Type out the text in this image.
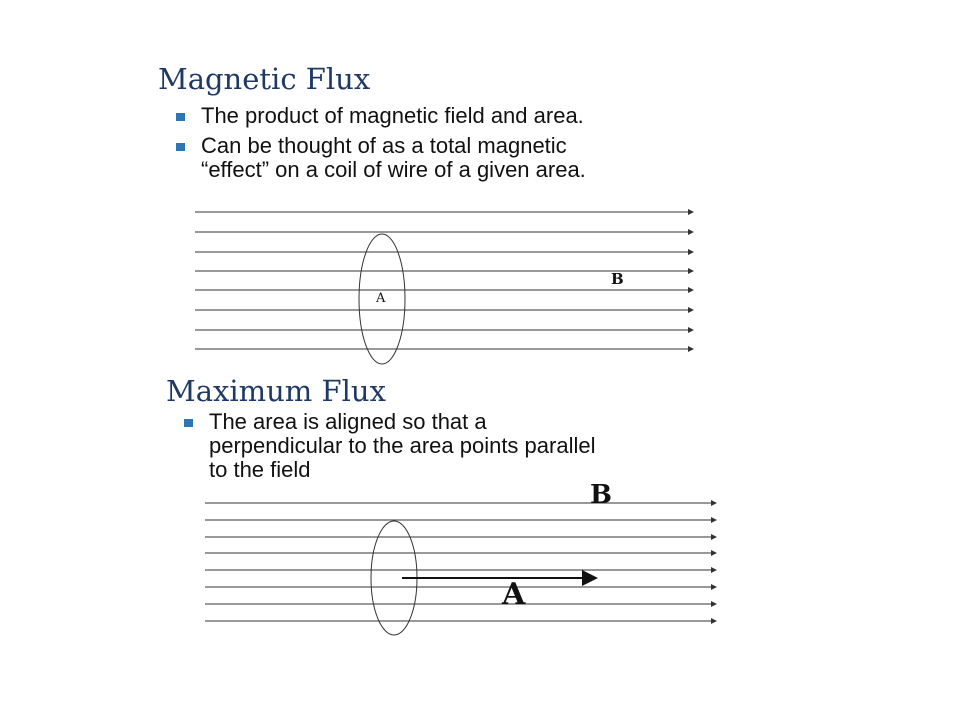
Magnetic Flux
The product of magnetic field and area.
Can be thought of as a total magnetic
“effect” on a coil of wire of a given area.
B
A
Maximum Flux
The area is aligned so that a
perpendicular to the area points parallel
to the field
B
A
